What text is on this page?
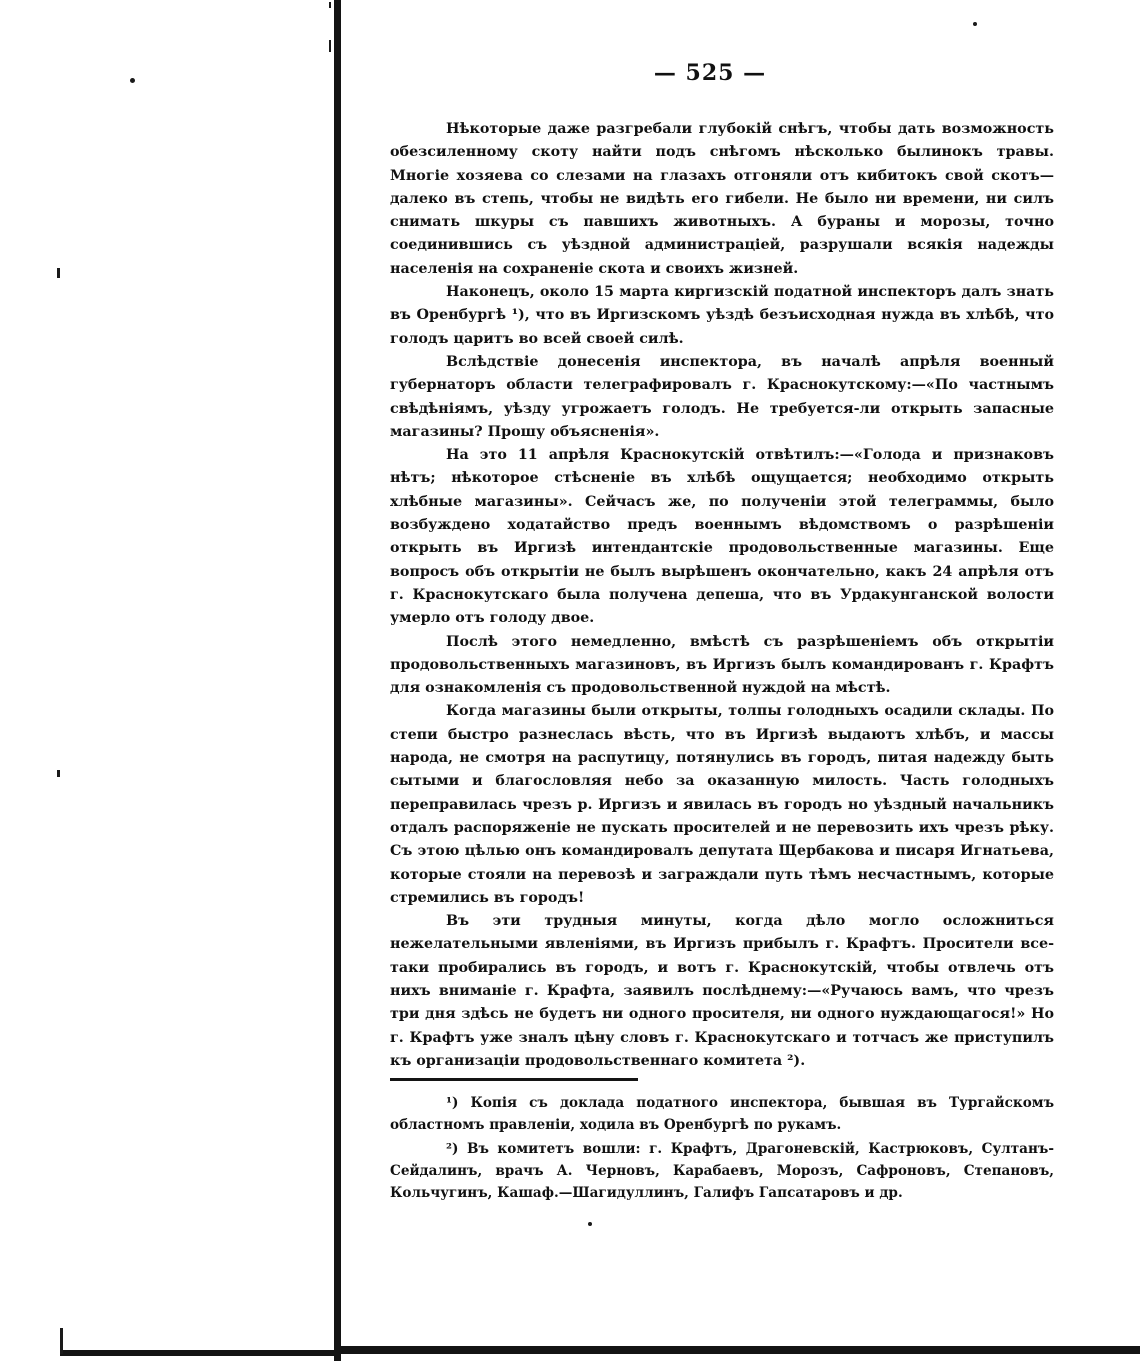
— 525 —

Нѣкоторые даже разгребали глубокій снѣгъ, чтобы дать возможность обезсиленному скоту найти подъ снѣгомъ нѣсколько былинокъ травы. Многіе хозяева со слезами на глазахъ отгоняли отъ кибитокъ свой скотъ—далеко въ степь, чтобы не видѣть его гибели. Не было ни времени, ни силъ снимать шкуры съ павшихъ животныхъ. А бураны и морозы, точно соединившись съ уѣздной администраціей, разрушали всякія надежды населенія на сохраненіе скота и своихъ жизней.

Наконецъ, около 15 марта киргизскій податной инспекторъ далъ знать въ Оренбургѣ ¹), что въ Иргизскомъ уѣздѣ безъисходная нужда въ хлѣбѣ, что голодъ царитъ во всей своей силѣ.

Вслѣдствіе донесенія инспектора, въ началѣ апрѣля военный губернаторъ области телеграфировалъ г. Краснокутскому:—«По частнымъ свѣдѣніямъ, уѣзду угрожаетъ голодъ. Не требуется-ли открыть запасные магазины? Прошу объясненія».

На это 11 апрѣля Краснокутскій отвѣтилъ:—«Голода и признаковъ нѣтъ; нѣкоторое стѣсненіе въ хлѣбѣ ощущается; необходимо открыть хлѣбные магазины». Сейчасъ же, по полученіи этой телеграммы, было возбуждено ходатайство предъ военнымъ вѣдомствомъ о разрѣшеніи открыть въ Иргизѣ интендантскіе продовольственные магазины. Еще вопросъ объ открытіи не былъ вырѣшенъ окончательно, какъ 24 апрѣля отъ г. Краснокутскаго была получена депеша, что въ Урдакунганской волости умерло отъ голоду двое.

Послѣ этого немедленно, вмѣстѣ съ разрѣшеніемъ объ открытіи продовольственныхъ магазиновъ, въ Иргизъ былъ командированъ г. Крафтъ для ознакомленія съ продовольственной нуждой на мѣстѣ.

Когда магазины были открыты, толпы голодныхъ осадили склады. По степи быстро разнеслась вѣсть, что въ Иргизѣ выдаютъ хлѣбъ, и массы народа, не смотря на распутицу, потянулись въ городъ, питая надежду быть сытыми и благословляя небо за оказанную милость. Часть голодныхъ переправилась чрезъ р. Иргизъ и явилась въ городъ но уѣздный начальникъ отдалъ распоряженіе не пускать просителей и не перевозить ихъ чрезъ рѣку. Съ этою цѣлью онъ командировалъ депутата Щербакова и писаря Игнатьева, которые стояли на перевозѣ и заграждали путь тѣмъ несчастнымъ, которые стремились въ городъ!

Въ эти трудныя минуты, когда дѣло могло осложниться нежелательными явленіями, въ Иргизъ прибылъ г. Крафтъ. Просители все-таки пробирались въ городъ, и вотъ г. Краснокутскій, чтобы отвлечь отъ нихъ вниманіе г. Крафта, заявилъ послѣднему:—«Ручаюсь вамъ, что чрезъ три дня здѣсь не будетъ ни одного просителя, ни одного нуждающагося!» Но г. Крафтъ уже зналъ цѣну словъ г. Краснокутскаго и тотчасъ же приступилъ къ организаціи продовольственнаго комитета ²).

¹) Копія съ доклада податного инспектора, бывшая въ Тургайскомъ областномъ правленіи, ходила въ Оренбургѣ по рукамъ.

²) Въ комитетъ вошли: г. Крафтъ, Драгоневскій, Кастрюковъ, Султанъ-Сейдалинъ, врачъ А. Черновъ, Карабаевъ, Морозъ, Сафроновъ, Степановъ, Кольчугинъ, Кашаф.—Шагидуллинъ, Галифъ Гапсатаровъ и др.
